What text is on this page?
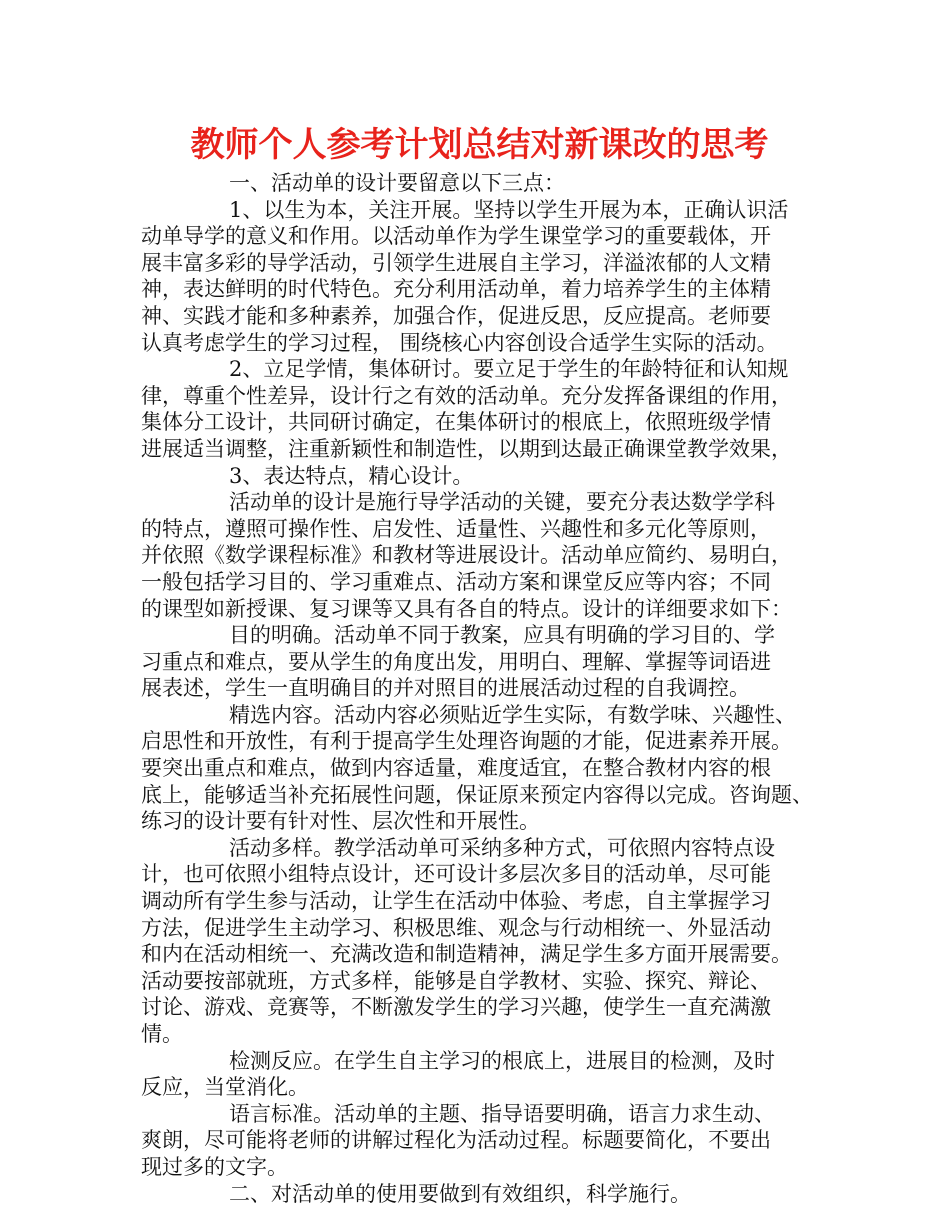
教师个人参考计划总结对新课改的思考
一、活动单的设计要留意以下三点：
1、以生为本，关注开展。坚持以学生开展为本，正确认识活
动单导学的意义和作用。以活动单作为学生课堂学习的重要载体，开
展丰富多彩的导学活动，引领学生进展自主学习，洋溢浓郁的人文精
神，表达鲜明的时代特色。充分利用活动单，着力培养学生的主体精
神、实践才能和多种素养，加强合作，促进反思，反应提高。老师要
认真考虑学生的学习过程， 围绕核心内容创设合适学生实际的活动。
2、立足学情，集体研讨。要立足于学生的年龄特征和认知规
律，尊重个性差异，设计行之有效的活动单。充分发挥备课组的作用，
集体分工设计，共同研讨确定，在集体研讨的根底上，依照班级学情
进展适当调整，注重新颖性和制造性，以期到达最正确课堂教学效果，
3、表达特点，精心设计。
活动单的设计是施行导学活动的关键，要充分表达数学学科
的特点，遵照可操作性、启发性、适量性、兴趣性和多元化等原则，
并依照《数学课程标准》和教材等进展设计。活动单应简约、易明白，
一般包括学习目的、学习重难点、活动方案和课堂反应等内容；不同
的课型如新授课、复习课等又具有各自的特点。设计的详细要求如下：
目的明确。活动单不同于教案，应具有明确的学习目的、学
习重点和难点，要从学生的角度出发，用明白、理解、掌握等词语进
展表述，学生一直明确目的并对照目的进展活动过程的自我调控。
精选内容。活动内容必须贴近学生实际，有数学味、兴趣性、
启思性和开放性，有利于提高学生处理咨询题的才能，促进素养开展。
要突出重点和难点，做到内容适量，难度适宜，在整合教材内容的根
底上，能够适当补充拓展性问题，保证原来预定内容得以完成。咨询题、
练习的设计要有针对性、层次性和开展性。
活动多样。教学活动单可采纳多种方式，可依照内容特点设
计，也可依照小组特点设计，还可设计多层次多目的活动单，尽可能
调动所有学生参与活动，让学生在活动中体验、考虑，自主掌握学习
方法，促进学生主动学习、积极思维、观念与行动相统一、外显活动
和内在活动相统一、充满改造和制造精神，满足学生多方面开展需要。
活动要按部就班，方式多样，能够是自学教材、实验、探究、辩论、
讨论、游戏、竞赛等，不断激发学生的学习兴趣，使学生一直充满激
情。
检测反应。在学生自主学习的根底上，进展目的检测，及时
反应，当堂消化。
语言标准。活动单的主题、指导语要明确，语言力求生动、
爽朗，尽可能将老师的讲解过程化为活动过程。标题要简化，不要出
现过多的文字。
二、对活动单的使用要做到有效组织，科学施行。
